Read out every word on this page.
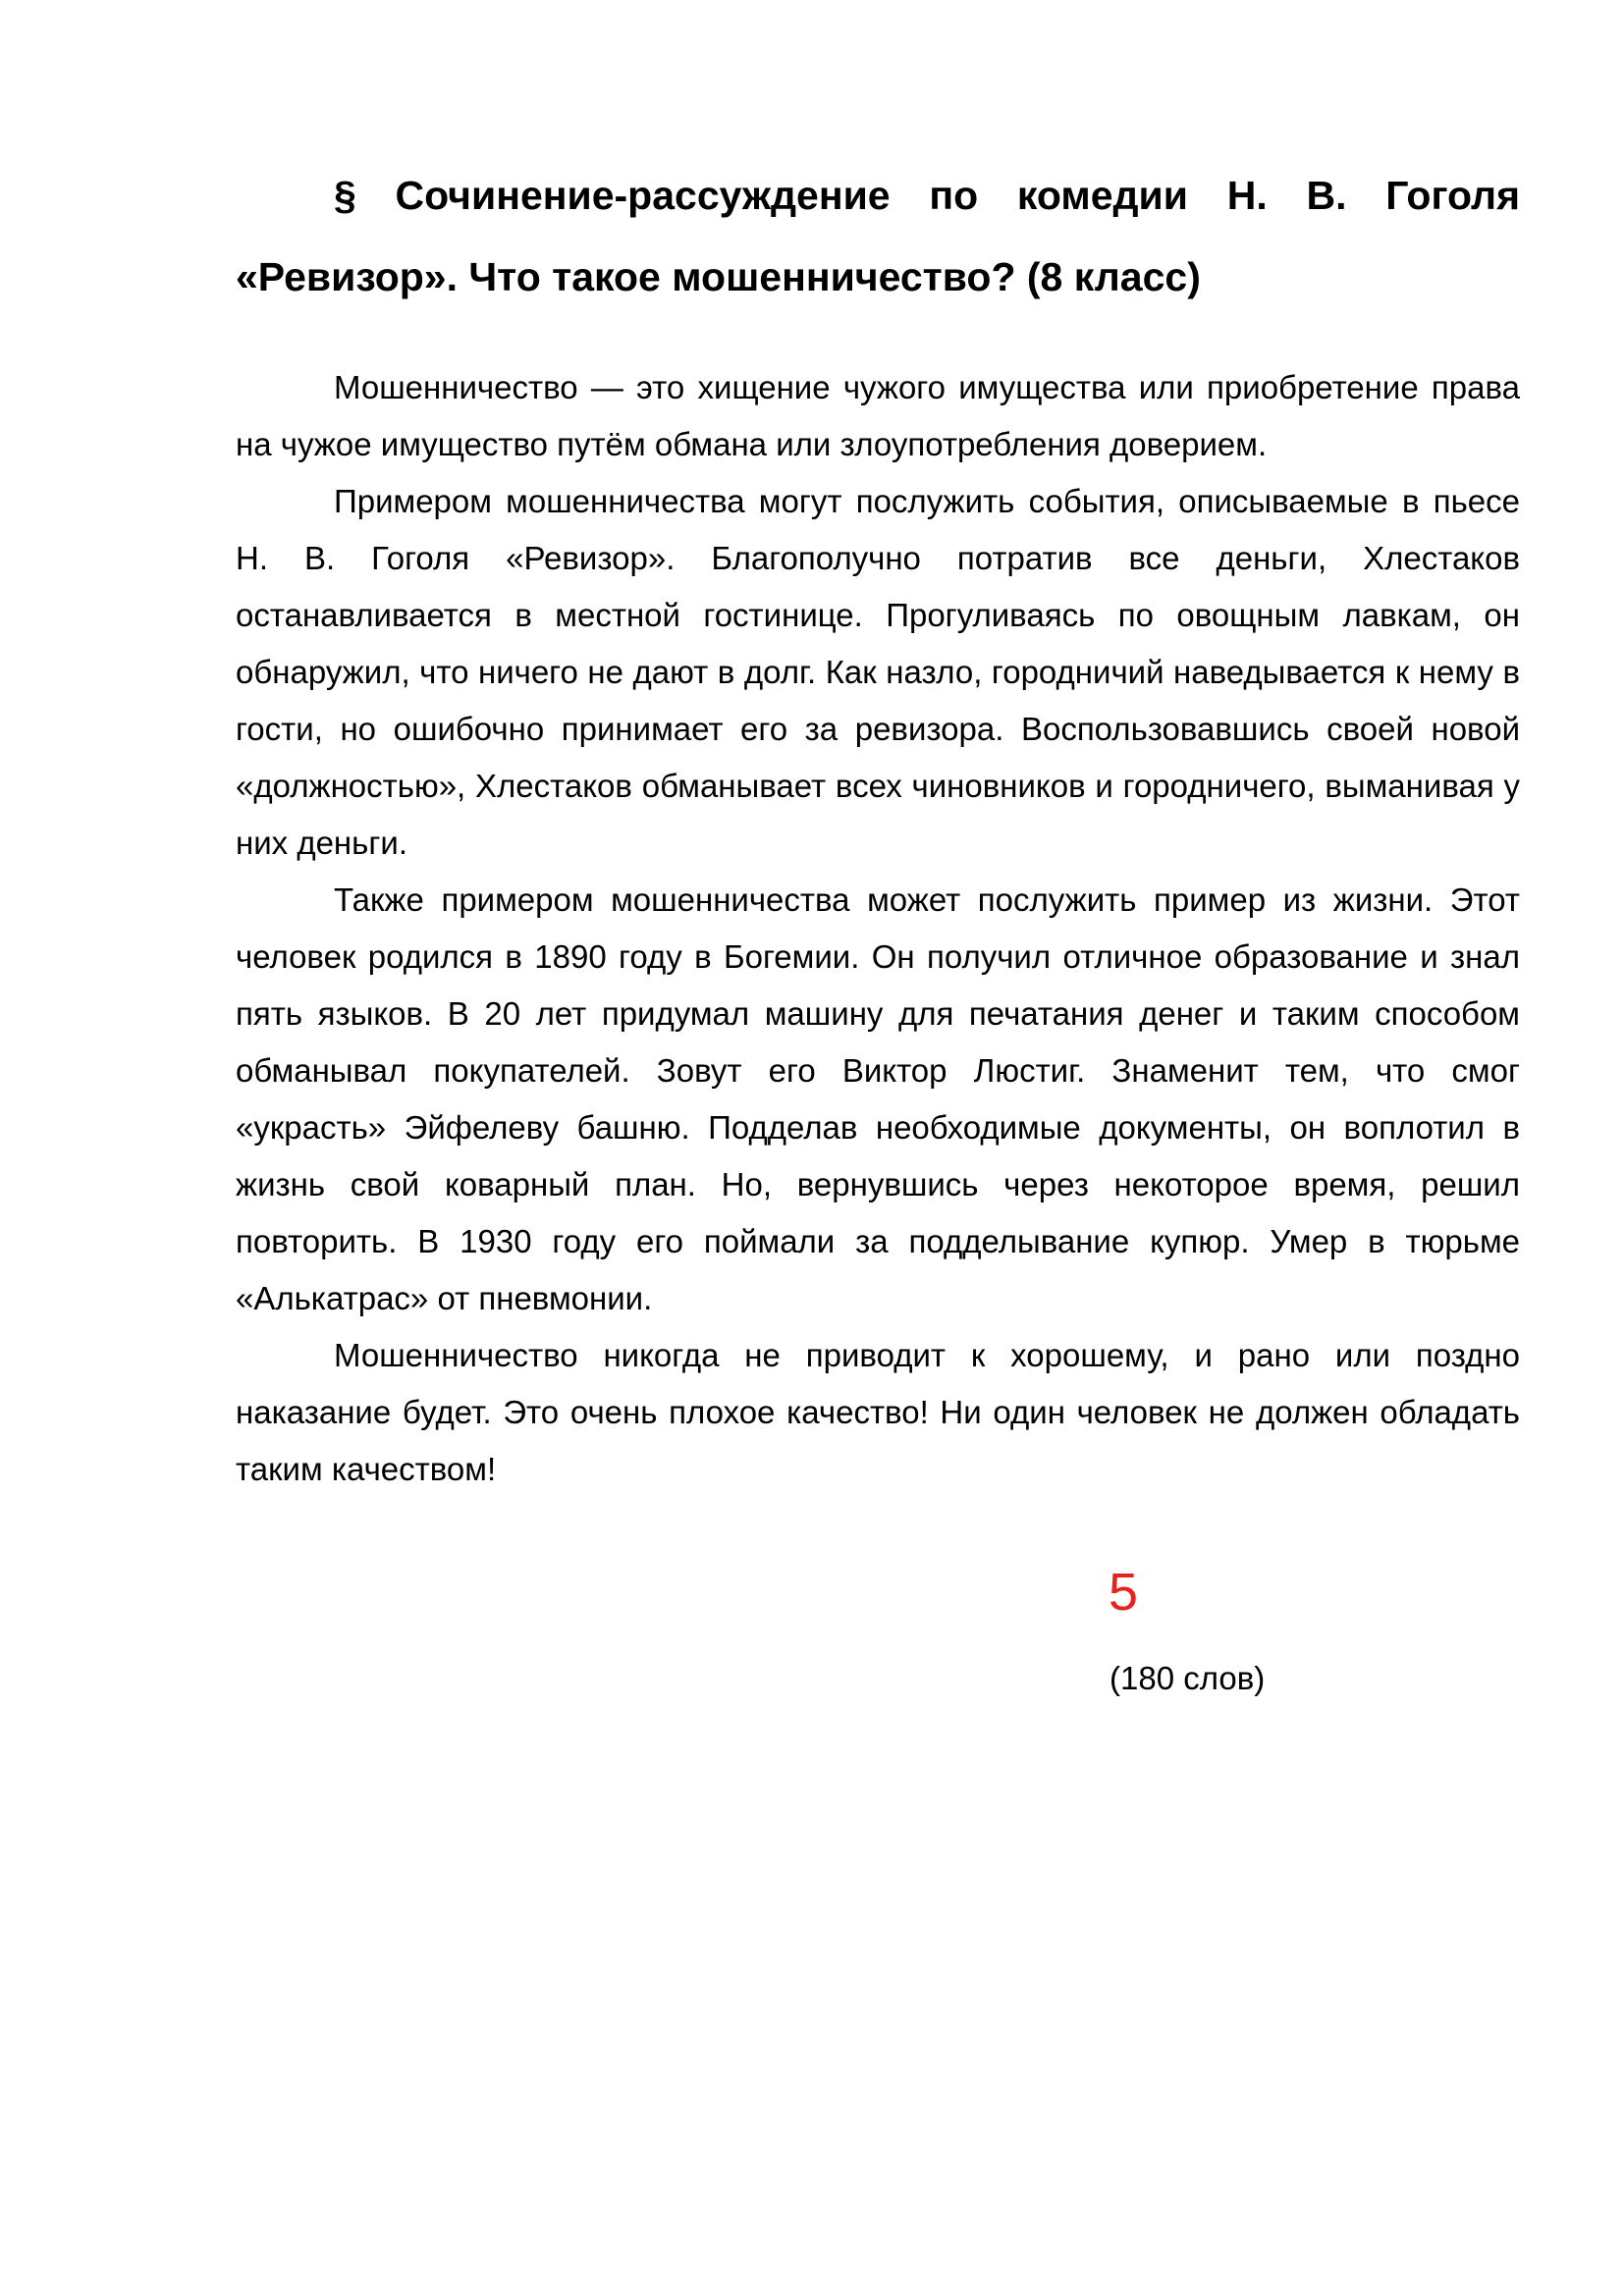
§ Сочинение-рассуждение по комедии Н. В. Гоголя «Ревизор». Что такое мошенничество? (8 класс)

Мошенничество — это хищение чужого имущества или приобретение права на чужое имущество путём обмана или злоупотребления доверием.

Примером мошенничества могут послужить события, описываемые в пьесе Н. В. Гоголя «Ревизор». Благополучно потратив все деньги, Хлестаков останавливается в местной гостинице. Прогуливаясь по овощным лавкам, он обнаружил, что ничего не дают в долг. Как назло, городничий наведывается к нему в гости, но ошибочно принимает его за ревизора. Воспользовавшись своей новой «должностью», Хлестаков обманывает всех чиновников и городничего, выманивая у них деньги.

Также примером мошенничества может послужить пример из жизни. Этот человек родился в 1890 году в Богемии. Он получил отличное образование и знал пять языков. В 20 лет придумал машину для печатания денег и таким способом обманывал покупателей. Зовут его Виктор Люстиг. Знаменит тем, что смог «украсть» Эйфелеву башню. Подделав необходимые документы, он воплотил в жизнь свой коварный план. Но, вернувшись через некоторое время, решил повторить. В 1930 году его поймали за подделывание купюр. Умер в тюрьме «Алькатрас» от пневмонии.

Мошенничество никогда не приводит к хорошему, и рано или поздно наказание будет. Это очень плохое качество! Ни один человек не должен обладать таким качеством!

5

(180 слов)
